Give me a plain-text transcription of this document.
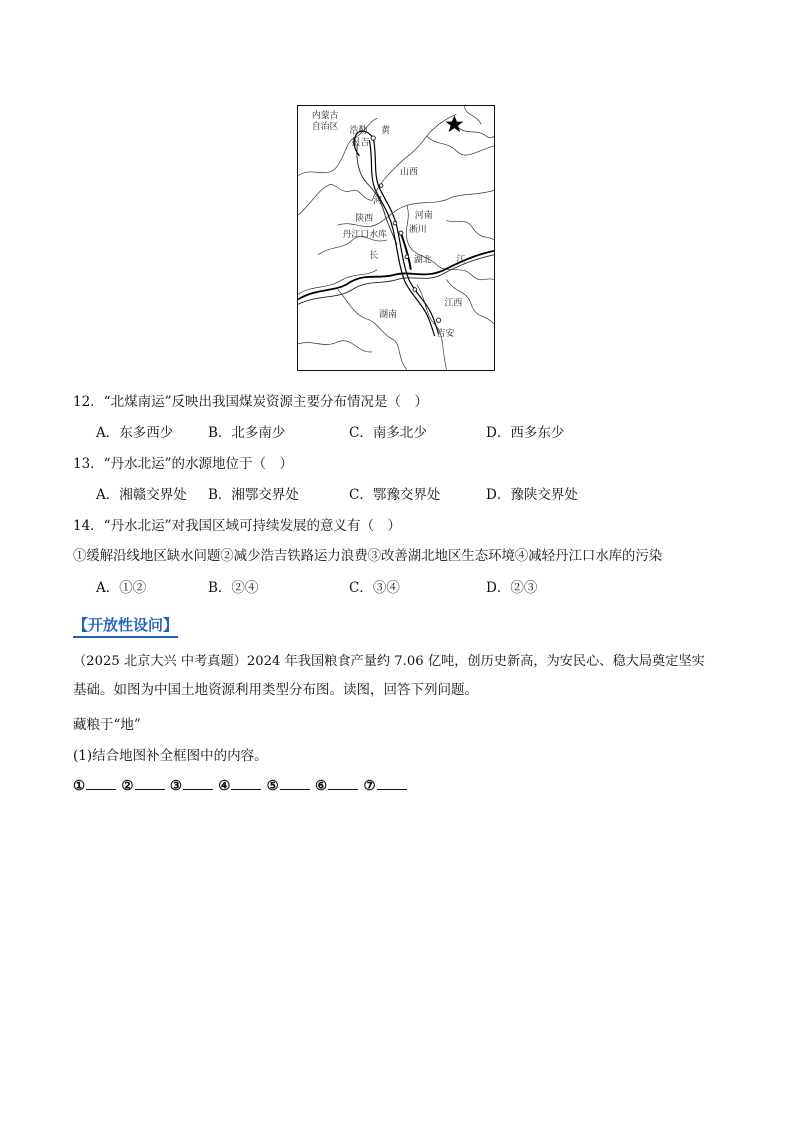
内蒙古
自治区 浩勒 黄
报吉
山西
河
陕西	河南
淅川
丹江口水库
长	湖北	江
江西
湖南
吉安
12．“北煤南运”反映出我国煤炭资源主要分布情况是（　）
A．东多西少	B．北多南少	C．南多北少	D．西多东少
13．“丹水北运”的水源地位于（　）
A．湘赣交界处 B．湘鄂交界处	C．鄂豫交界处	D．豫陕交界处
14．“丹水北运”对我国区域可持续发展的意义有（　）
①缓解沿线地区缺水问题②减少浩吉铁路运力浪费③改善湖北地区生态环境④减轻丹江口水库的污染
A．①②	B．②④	C．③④	D．②③
【开放性设问】
（2025 北京大兴 中考真题）2024 年我国粮食产量约 7.06 亿吨，创历史新高，为安民心、稳大局奠定坚实
基础。如图为中国土地资源利用类型分布图。读图，回答下列问题。
藏粮于“地”
(1)结合地图补全框图中的内容。
①	②	③	④	⑤	⑥	⑦
